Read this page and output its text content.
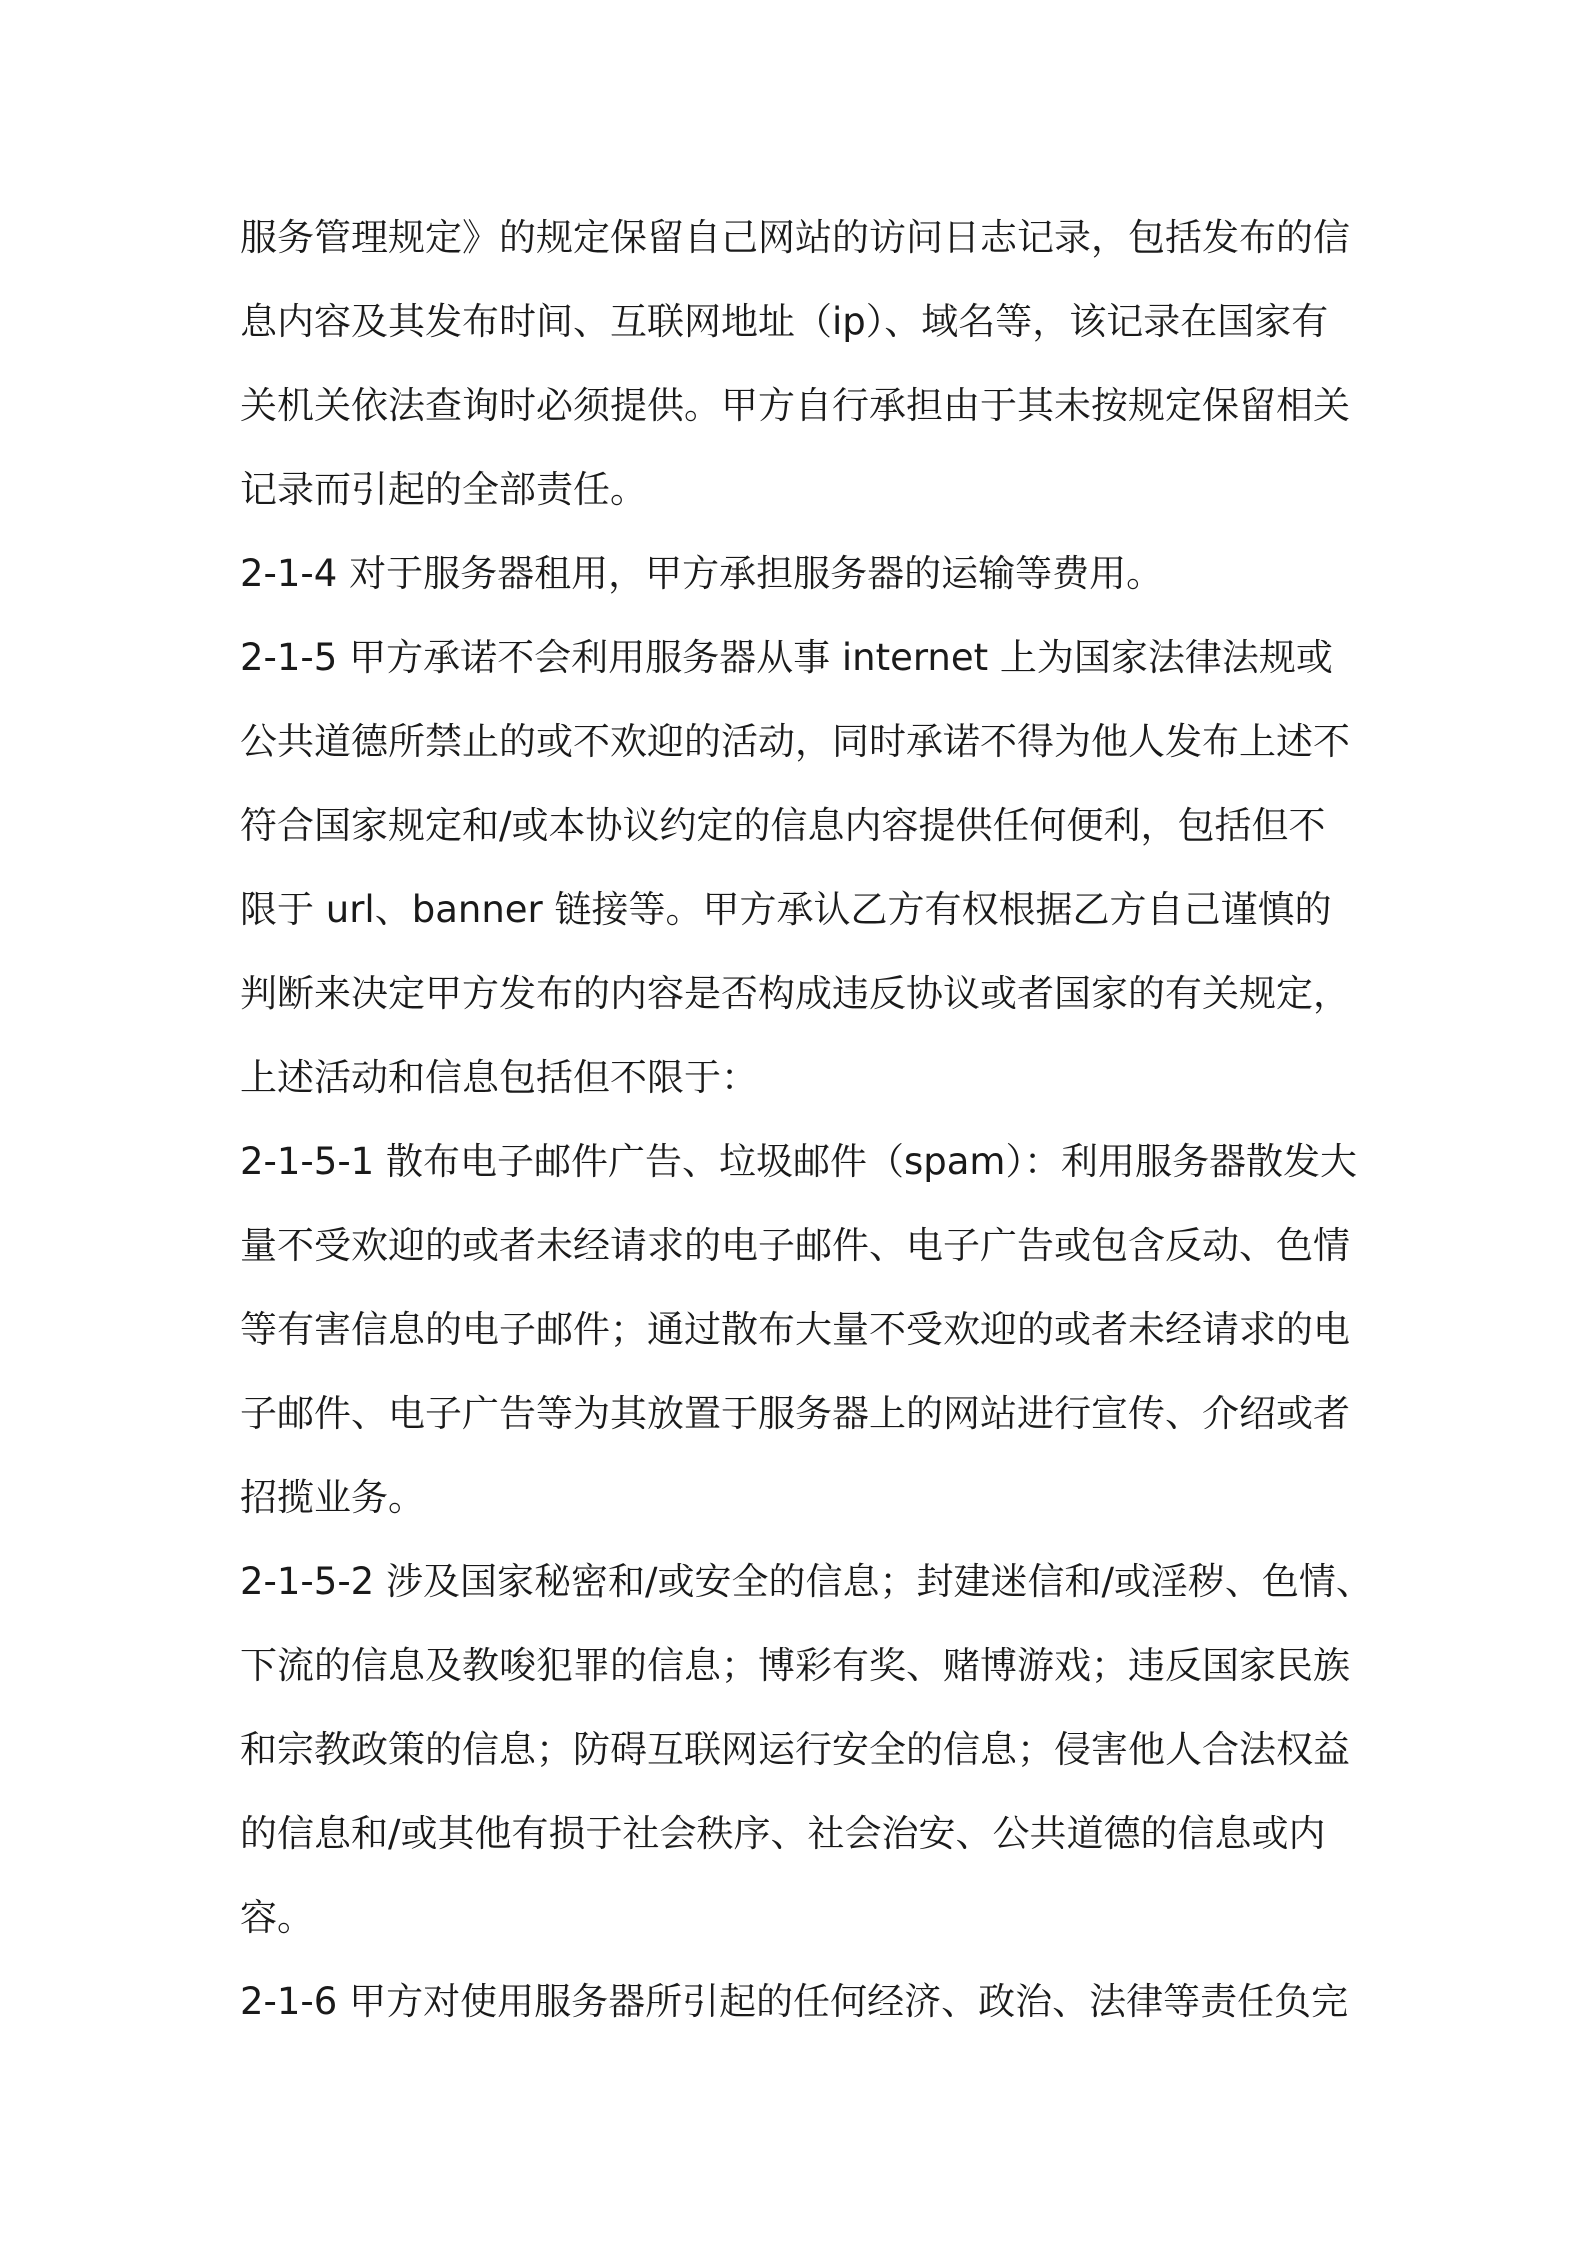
服务管理规定》的规定保留自己网站的访问日志记录，包括发布的信
息内容及其发布时间、互联网地址（ip）、域名等，该记录在国家有
关机关依法查询时必须提供。甲方自行承担由于其未按规定保留相关
记录而引起的全部责任。
2-1-4 对于服务器租用，甲方承担服务器的运输等费用。
2-1-5 甲方承诺不会利用服务器从事 internet 上为国家法律法规或
公共道德所禁止的或不欢迎的活动，同时承诺不得为他人发布上述不
符合国家规定和/或本协议约定的信息内容提供任何便利，包括但不
限于 url、banner 链接等。甲方承认乙方有权根据乙方自己谨慎的
判断来决定甲方发布的内容是否构成违反协议或者国家的有关规定，
上述活动和信息包括但不限于：
2-1-5-1 散布电子邮件广告、垃圾邮件（spam）：利用服务器散发大
量不受欢迎的或者未经请求的电子邮件、电子广告或包含反动、色情
等有害信息的电子邮件；通过散布大量不受欢迎的或者未经请求的电
子邮件、电子广告等为其放置于服务器上的网站进行宣传、介绍或者
招揽业务。
2-1-5-2 涉及国家秘密和/或安全的信息；封建迷信和/或淫秽、色情、
下流的信息及教唆犯罪的信息；博彩有奖、赌博游戏；违反国家民族
和宗教政策的信息；防碍互联网运行安全的信息；侵害他人合法权益
的信息和/或其他有损于社会秩序、社会治安、公共道德的信息或内
容。
2-1-6 甲方对使用服务器所引起的任何经济、政治、法律等责任负完
